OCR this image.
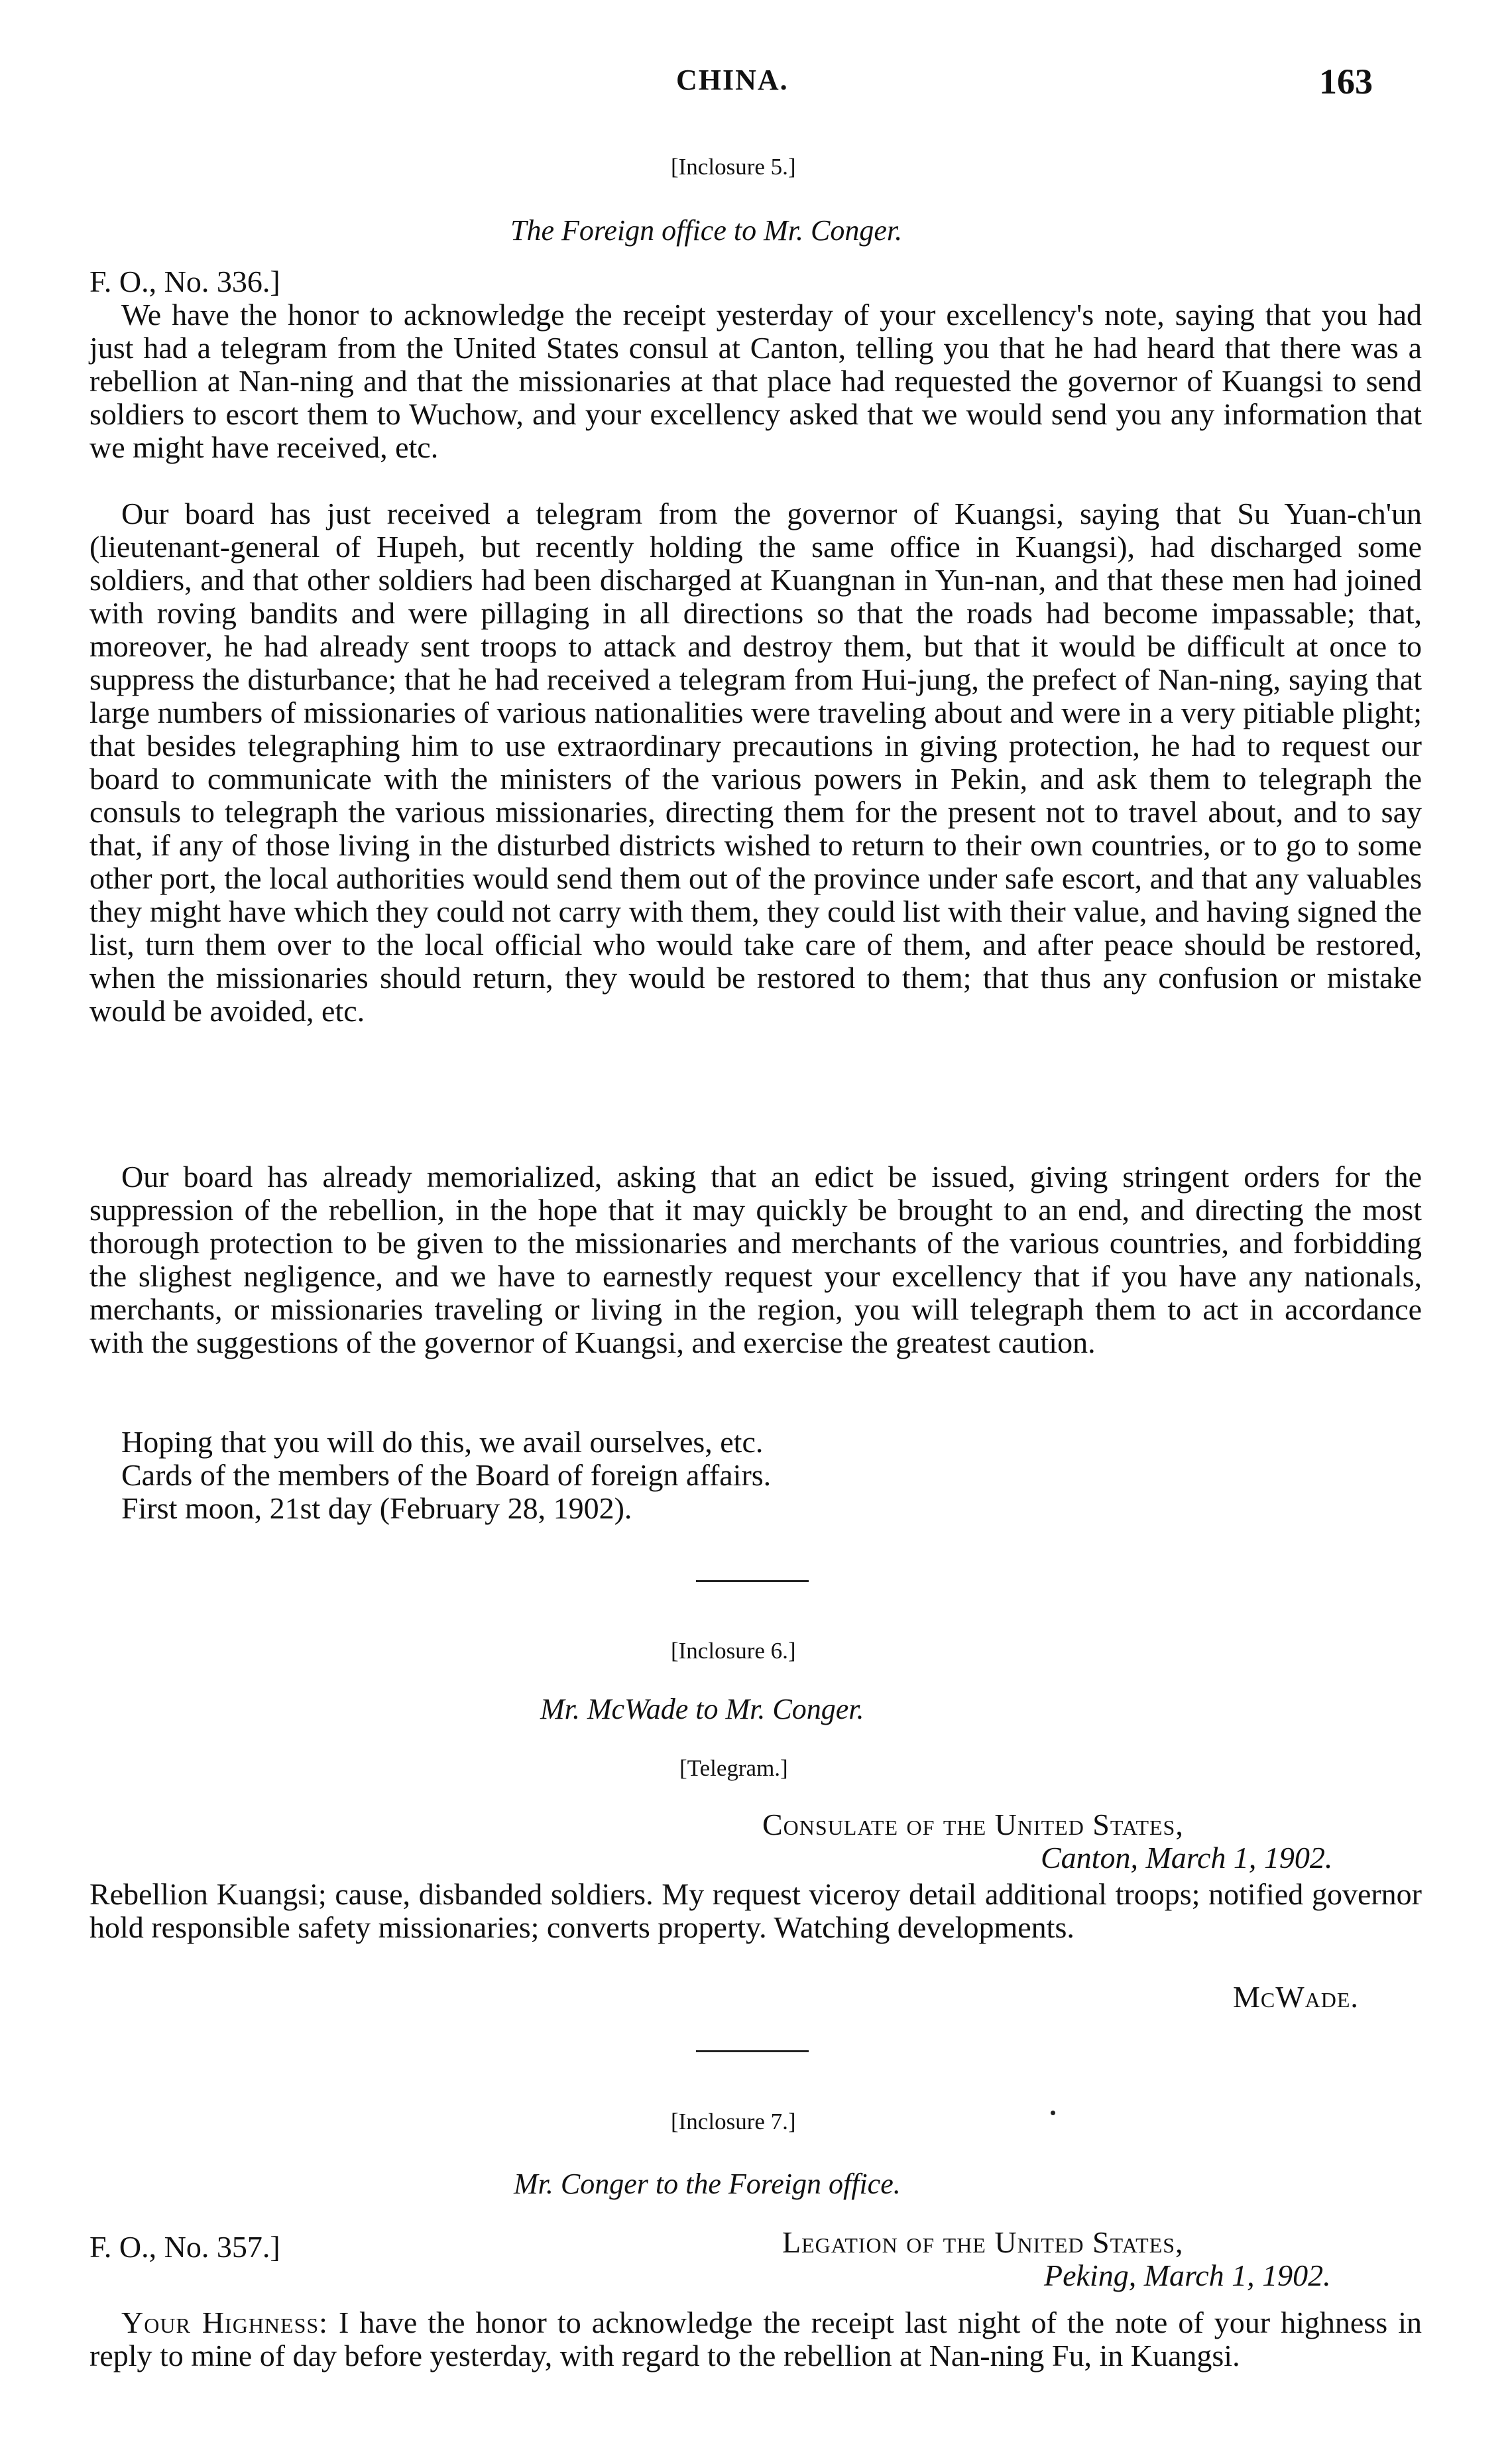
CHINA.	163
[Inclosure 5.]
The Foreign office to Mr. Conger.
F. O., No. 336.]
We have the honor to acknowledge the receipt yesterday of your excellency's note, saying that you had just had a telegram from the United States consul at Canton, telling you that he had heard that there was a rebellion at Nan-ning and that the missionaries at that place had requested the governor of Kuangsi to send soldiers to escort them to Wuchow, and your excellency asked that we would send you any information that we might have received, etc.
Our board has just received a telegram from the governor of Kuangsi, saying that Su Yuan-ch'un (lieutenant-general of Hupeh, but recently holding the same office in Kuangsi), had discharged some soldiers, and that other soldiers had been discharged at Kuangnan in Yun-nan, and that these men had joined with roving bandits and were pillaging in all directions so that the roads had become impassable; that, moreover, he had already sent troops to attack and destroy them, but that it would be difficult at once to suppress the disturbance; that he had received a telegram from Hui-jung, the prefect of Nan-ning, saying that large numbers of missionaries of various nationalities were traveling about and were in a very pitiable plight; that besides telegraphing him to use extraordinary precautions in giving protection, he had to request our board to communicate with the ministers of the various powers in Pekin, and ask them to telegraph the consuls to telegraph the various missionaries, directing them for the present not to travel about, and to say that, if any of those living in the disturbed districts wished to return to their own countries, or to go to some other port, the local authorities would send them out of the province under safe escort, and that any valuables they might have which they could not carry with them, they could list with their value, and having signed the list, turn them over to the local official who would take care of them, and after peace should be restored, when the missionaries should return, they would be restored to them; that thus any confusion or mistake would be avoided, etc.
Our board has already memorialized, asking that an edict be issued, giving stringent orders for the suppression of the rebellion, in the hope that it may quickly be brought to an end, and directing the most thorough protection to be given to the missionaries and merchants of the various countries, and forbidding the slighest negligence, and we have to earnestly request your excellency that if you have any nationals, merchants, or missionaries traveling or living in the region, you will telegraph them to act in accordance with the suggestions of the governor of Kuangsi, and exercise the greatest caution.
Hoping that you will do this, we avail ourselves, etc.
Cards of the members of the Board of foreign affairs.
First moon, 21st day (February 28, 1902).
[Inclosure 6.]
Mr. McWade to Mr. Conger.
[Telegram.]
Consulate of the United States,
Canton, March 1, 1902.
Rebellion Kuangsi; cause, disbanded soldiers. My request viceroy detail additional troops; notified governor hold responsible safety missionaries; converts property. Watching developments.
McWade.
[Inclosure 7.]
Mr. Conger to the Foreign office.
F. O., No. 357.]	Legation of the United States,
Peking, March 1, 1902.
Your Highness: I have the honor to acknowledge the receipt last night of the note of your highness in reply to mine of day before yesterday, with regard to the rebellion at Nan-ning Fu, in Kuangsi.
